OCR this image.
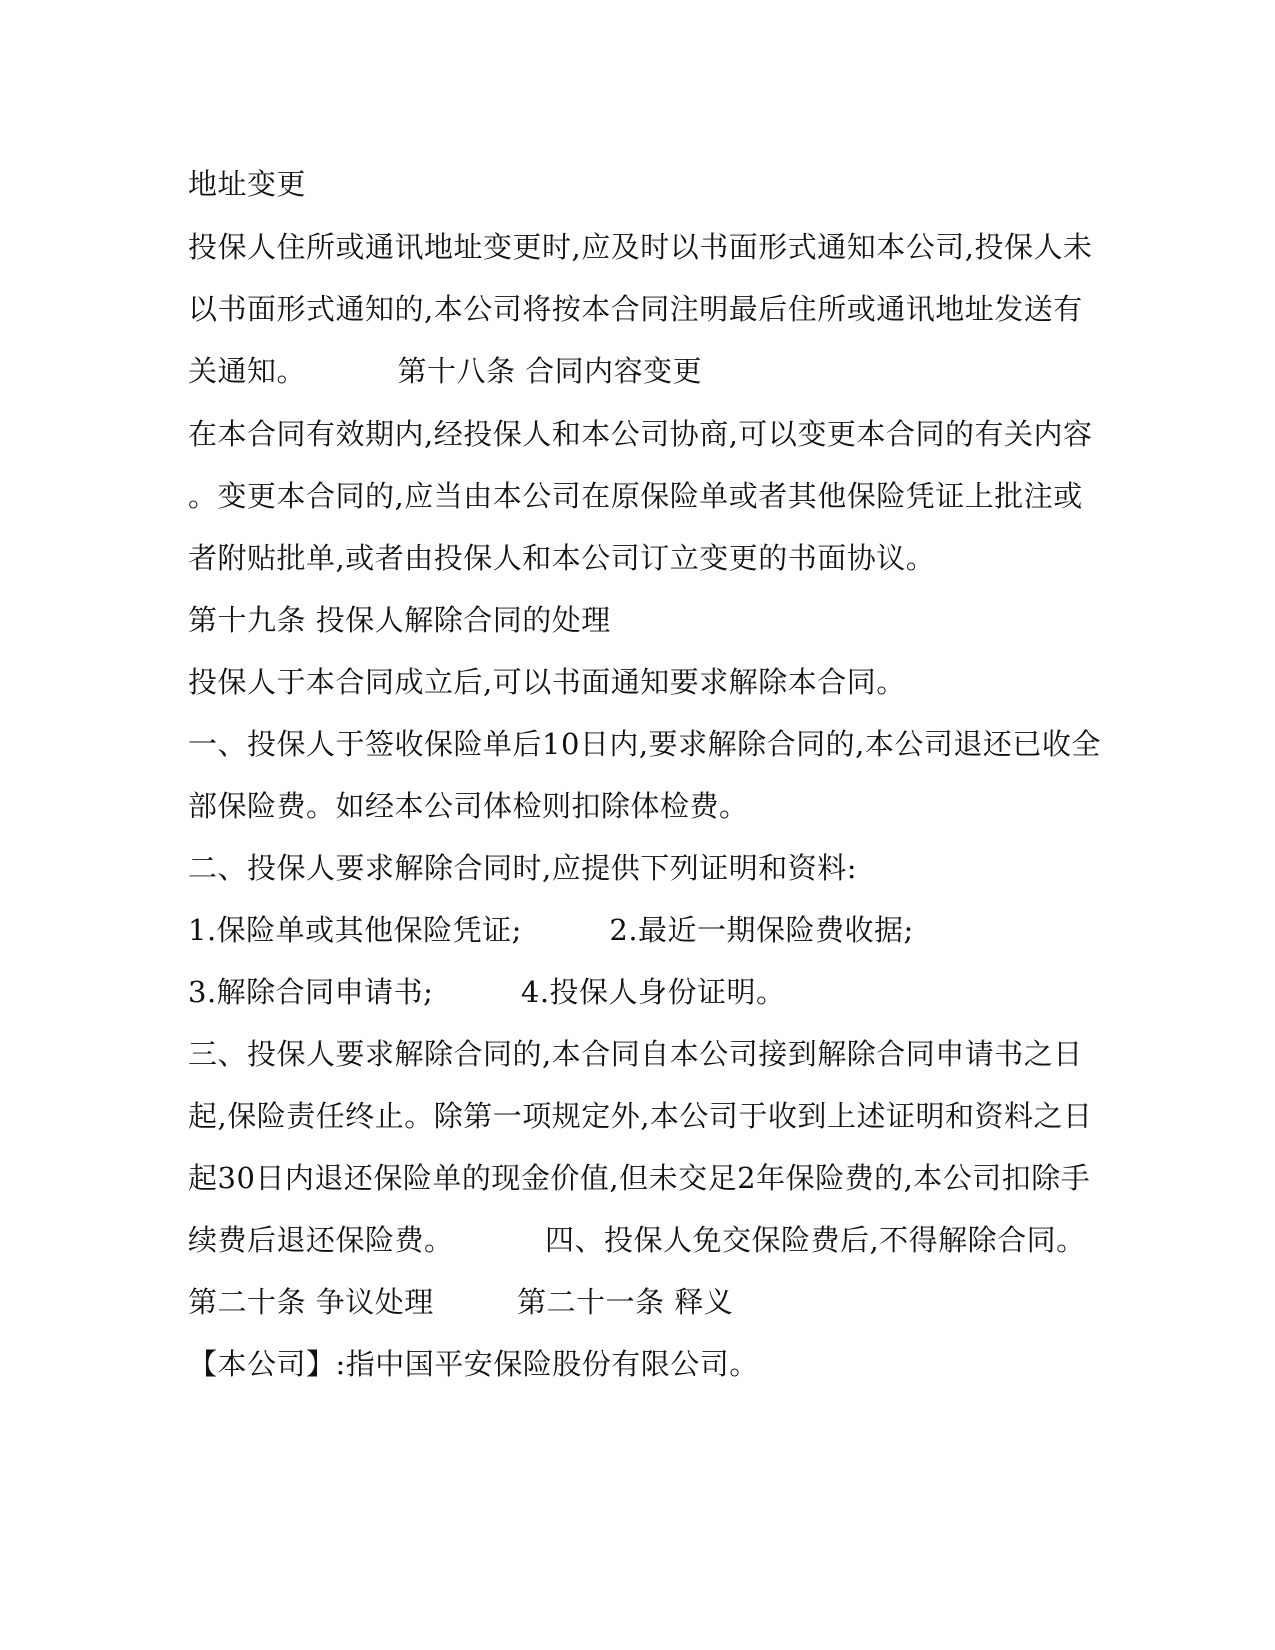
地址变更
投保人住所或通讯地址变更时,应及时以书面形式通知本公司,投保人未
以书面形式通知的,本公司将按本合同注明最后住所或通讯地址发送有
关通知。	第十八条 合同内容变更
在本合同有效期内,经投保人和本公司协商,可以变更本合同的有关内容
。变更本合同的,应当由本公司在原保险单或者其他保险凭证上批注或
者附贴批单,或者由投保人和本公司订立变更的书面协议。
第十九条 投保人解除合同的处理
投保人于本合同成立后,可以书面通知要求解除本合同。
一、投保人于签收保险单后10日内,要求解除合同的,本公司退还已收全
部保险费。如经本公司体检则扣除体检费。
二、投保人要求解除合同时,应提供下列证明和资料:
1.保险单或其他保险凭证;	2.最近一期保险费收据;
3.解除合同申请书;	4.投保人身份证明。
三、投保人要求解除合同的,本合同自本公司接到解除合同申请书之日
起,保险责任终止。除第一项规定外,本公司于收到上述证明和资料之日
起30日内退还保险单的现金价值,但未交足2年保险费的,本公司扣除手
续费后退还保险费。	四、投保人免交保险费后,不得解除合同。
第二十条 争议处理	第二十一条 释义
【本公司】:指中国平安保险股份有限公司。
